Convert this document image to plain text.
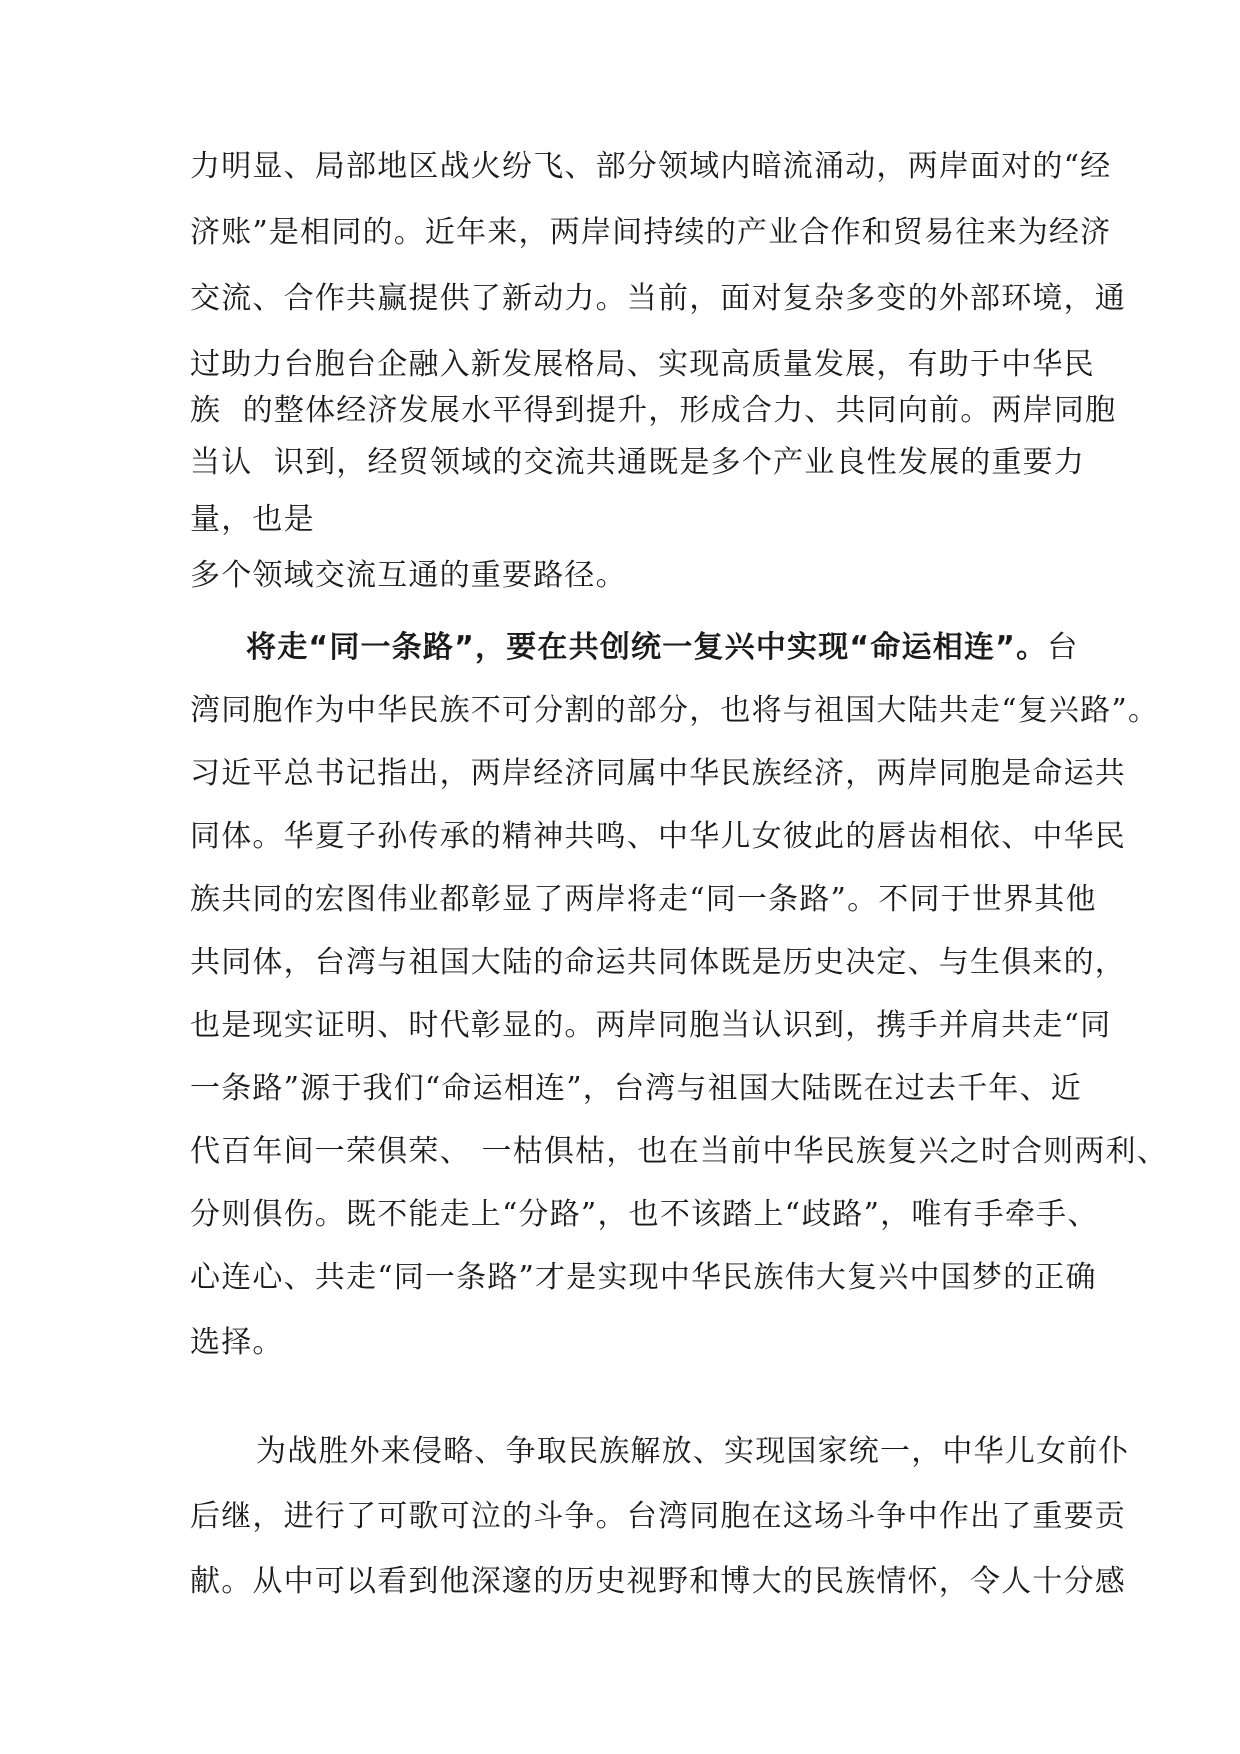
力明显、局部地区战火纷飞、部分领域内暗流涌动，两岸面对的“经
济账”是相同的。近年来，两岸间持续的产业合作和贸易往来为经济
交流、合作共赢提供了新动力。当前，面对复杂多变的外部环境，通
过助力台胞台企融入新发展格局、实现高质量发展，有助于中华民
族  的整体经济发展水平得到提升，形成合力、共同向前。两岸同胞
当认  识到，经贸领域的交流共通既是多个产业良性发展的重要力
量，也是
多个领域交流互通的重要路径。
将走“同一条路”，要在共创统一复兴中实现“命运相连”。台
湾同胞作为中华民族不可分割的部分，也将与祖国大陆共走“复兴路”。
习近平总书记指出，两岸经济同属中华民族经济，两岸同胞是命运共
同体。华夏子孙传承的精神共鸣、中华儿女彼此的唇齿相依、中华民
族共同的宏图伟业都彰显了两岸将走“同一条路”。不同于世界其他
共同体，台湾与祖国大陆的命运共同体既是历史决定、与生俱来的，
也是现实证明、时代彰显的。两岸同胞当认识到，携手并肩共走“同
一条路”源于我们“命运相连”，台湾与祖国大陆既在过去千年、近
代百年间一荣俱荣、 一枯俱枯，也在当前中华民族复兴之时合则两利、
分则俱伤。既不能走上“分路”，也不该踏上“歧路”，唯有手牵手、
心连心、共走“同一条路”才是实现中华民族伟大复兴中国梦的正确
选择。
为战胜外来侵略、争取民族解放、实现国家统一，中华儿女前仆
后继，进行了可歌可泣的斗争。台湾同胞在这场斗争中作出了重要贡
献。从中可以看到他深邃的历史视野和博大的民族情怀，令人十分感
